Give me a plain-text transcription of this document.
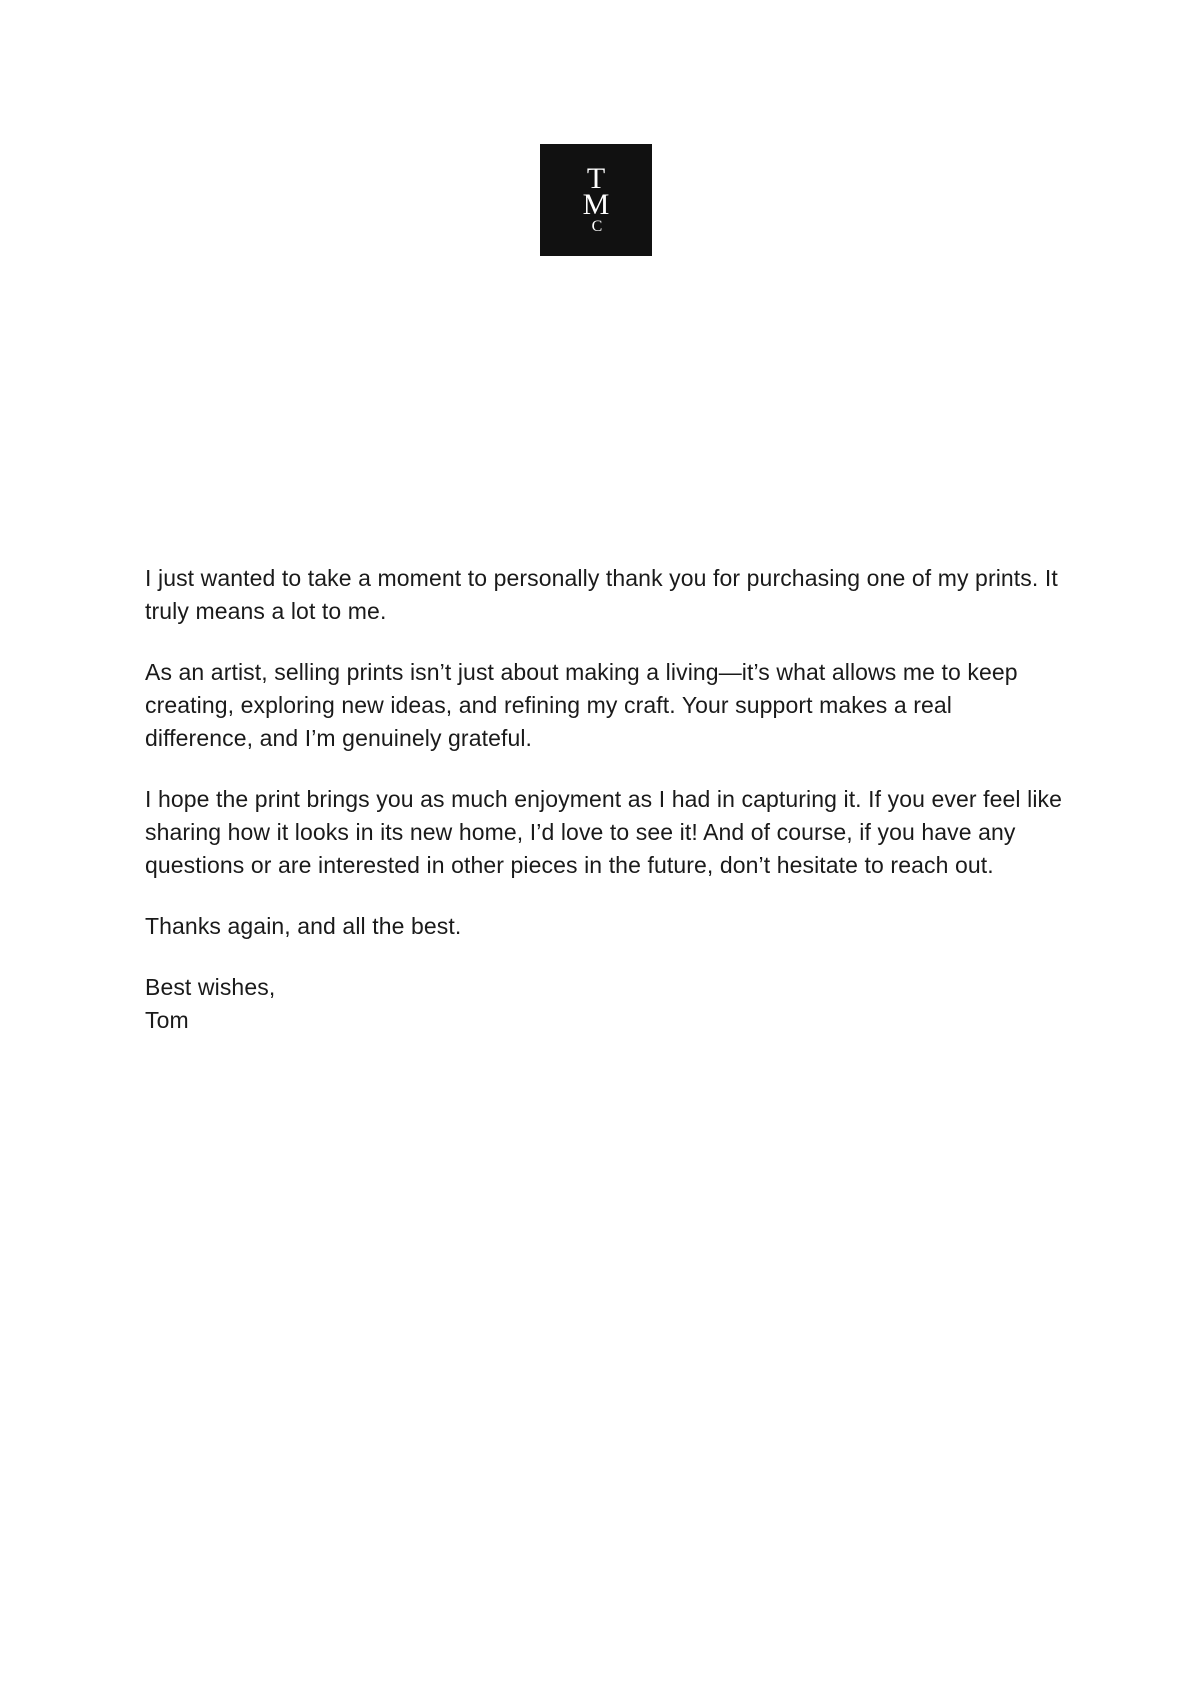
T
M
C

I just wanted to take a moment to personally thank you for purchasing one of my prints. It truly means a lot to me.

As an artist, selling prints isn’t just about making a living—it’s what allows me to keep creating, exploring new ideas, and refining my craft. Your support makes a real difference, and I’m genuinely grateful.

I hope the print brings you as much enjoyment as I had in capturing it. If you ever feel like sharing how it looks in its new home, I’d love to see it! And of course, if you have any questions or are interested in other pieces in the future, don’t hesitate to reach out.

Thanks again, and all the best.

Best wishes,
Tom
